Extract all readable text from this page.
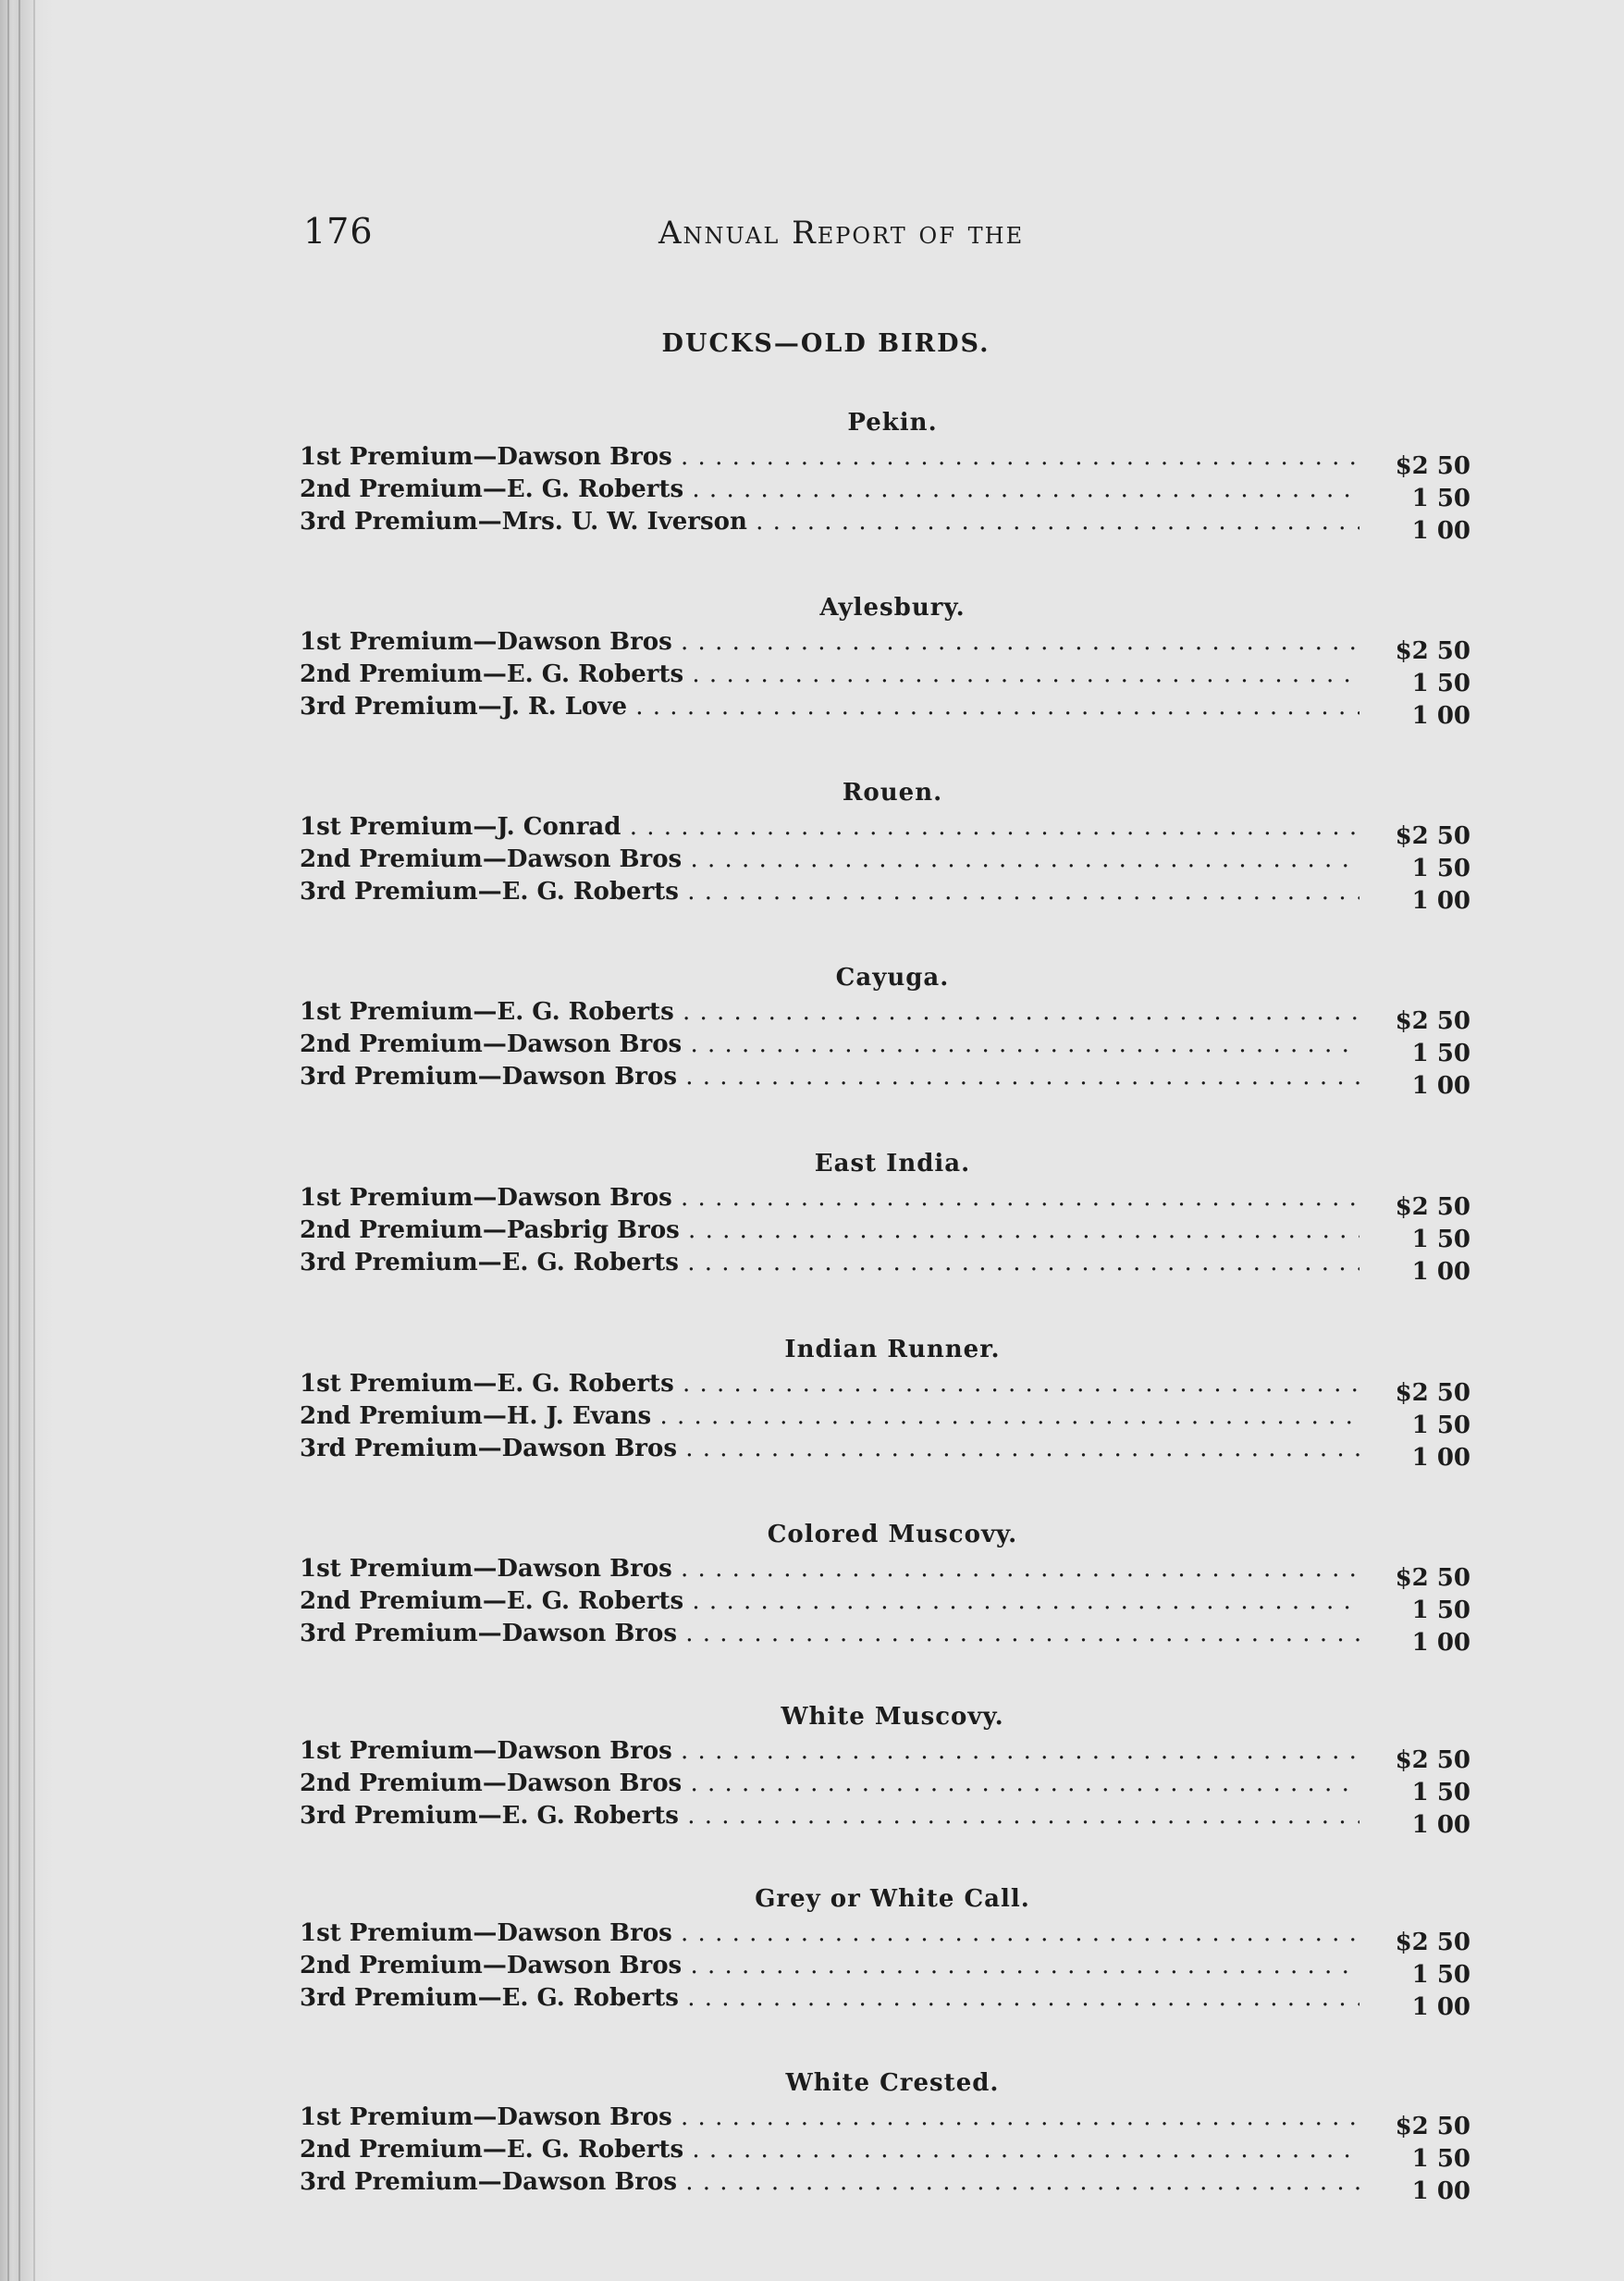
176	Annual Report of the
DUCKS—OLD BIRDS.
Pekin.
1st Premium—Dawson Bros . . .	$2 50
2nd Premium—E. G. Roberts . . .	1 50
3rd Premium—Mrs. U. W. Iverson . . .	1 00
Aylesbury.
1st Premium—Dawson Bros . . .	$2 50
2nd Premium—E. G. Roberts . . .	1 50
3rd Premium—J. R. Love . . .	1 00
Rouen.
1st Premium—J. Conrad . . .	$2 50
2nd Premium—Dawson Bros . . .	1 50
3rd Premium—E. G. Roberts . . .	1 00
Cayuga.
1st Premium—E. G. Roberts . . .	$2 50
2nd Premium—Dawson Bros . . .	1 50
3rd Premium—Dawson Bros . . .	1 00
East India.
1st Premium—Dawson Bros . . .	$2 50
2nd Premium—Pasbrig Bros . . .	1 50
3rd Premium—E. G. Roberts . . .	1 00
Indian Runner.
1st Premium—E. G. Roberts . . .	$2 50
2nd Premium—H. J. Evans . . .	1 50
3rd Premium—Dawson Bros . . .	1 00
Colored Muscovy.
1st Premium—Dawson Bros . . .	$2 50
2nd Premium—E. G. Roberts . . .	1 50
3rd Premium—Dawson Bros . . .	1 00
White Muscovy.
1st Premium—Dawson Bros . . .	$2 50
2nd Premium—Dawson Bros . . .	1 50
3rd Premium—E. G. Roberts . . .	1 00
Grey or White Call.
1st Premium—Dawson Bros . . .	$2 50
2nd Premium—Dawson Bros . . .	1 50
3rd Premium—E. G. Roberts . . .	1 00
White Crested.
1st Premium—Dawson Bros . . .	$2 50
2nd Premium—E. G. Roberts . . .	1 50
3rd Premium—Dawson Bros . . .	1 00
